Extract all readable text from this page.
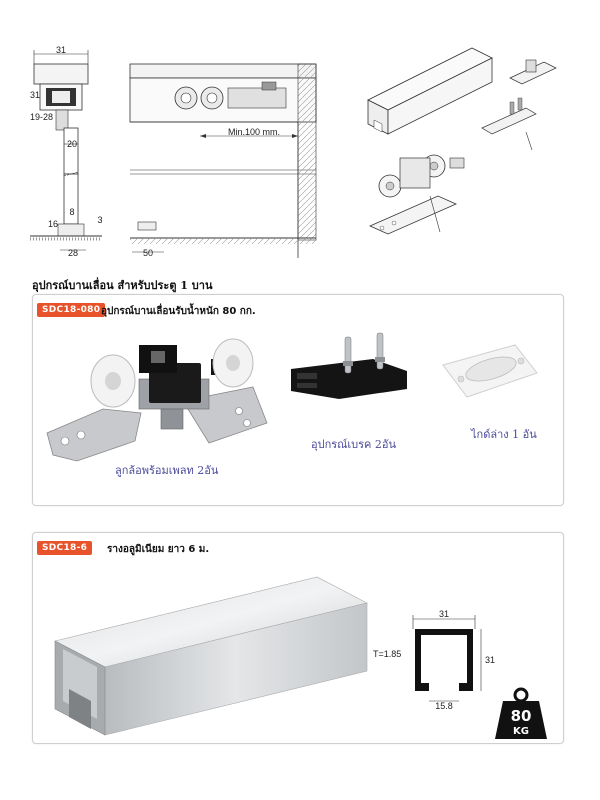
31
31
19-28
20
8
16	3
28
Min.100 mm.
50
อุปกรณ์บานเลื่อน สำหรับประตู 1 บาน
SDC18-080 อุปกรณ์บานเลื่อนรับน้ำหนัก 80 กก.
ลูกล้อพร้อมเพลท 2อัน
อุปกรณ์เบรค 2อัน
ไกด์ล่าง 1 อัน
SDC18-6	รางอลูมิเนียม ยาว 6 ม.
31
31
T=1.85
15.8
80
KG
